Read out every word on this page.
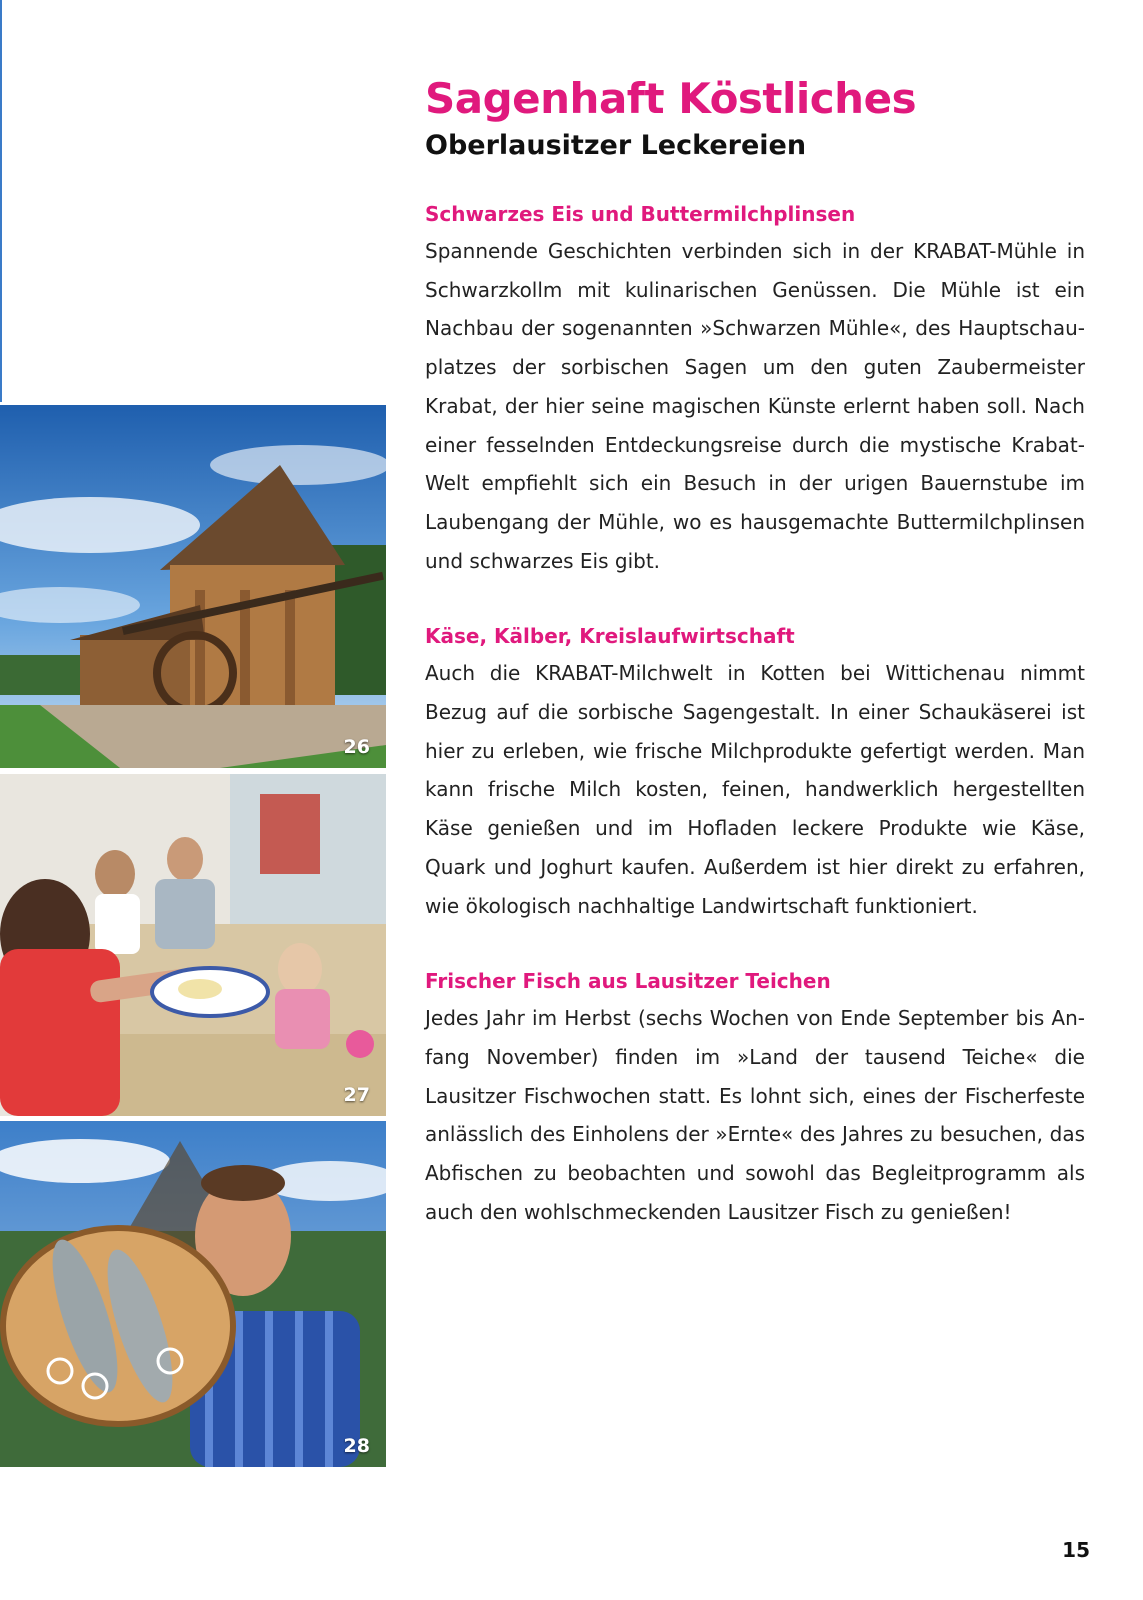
26
27
28
Sagenhaft Köstliches
Oberlausitzer Leckereien
Schwarzes Eis und Buttermilchplinsen

Spannende Geschichten verbinden sich in der KRABAT-Mühle in Schwarzkollm mit kulinarischen Genüssen. Die Mühle ist ein Nachbau der sogenannten »Schwarzen Mühle«, des Hauptschauplatzes der sorbischen Sagen um den guten Zaubermeister Krabat, der hier seine magischen Künste erlernt haben soll. Nach einer fesselnden Entdeckungsreise durch die mystische Krabat-Welt empfiehlt sich ein Besuch in der urigen Bauernstube im Laubengang der Mühle, wo es hausgemachte Buttermilchplinsen und schwarzes Eis gibt.

Käse, Kälber, Kreislaufwirtschaft

Auch die KRABAT-Milchwelt in Kotten bei Wittichenau nimmt Bezug auf die sorbische Sagengestalt. In einer Schaukäserei ist hier zu erleben, wie frische Milchprodukte gefertigt werden. Man kann frische Milch kosten, feinen, handwerklich hergestellten Käse genießen und im Hofladen leckere Produkte wie Käse, Quark und Joghurt kaufen. Außerdem ist hier direkt zu erfahren, wie ökologisch nachhaltige Landwirtschaft funktioniert.

Frischer Fisch aus Lausitzer Teichen

Jedes Jahr im Herbst (sechs Wochen von Ende September bis Anfang November) finden im »Land der tausend Teiche« die Lausitzer Fischwochen statt. Es lohnt sich, eines der Fischerfeste anlässlich des Einholens der »Ernte« des Jahres zu besuchen, das Abfischen zu beobachten und sowohl das Begleitprogramm als auch den wohlschmeckenden Lausitzer Fisch zu genießen!

15
